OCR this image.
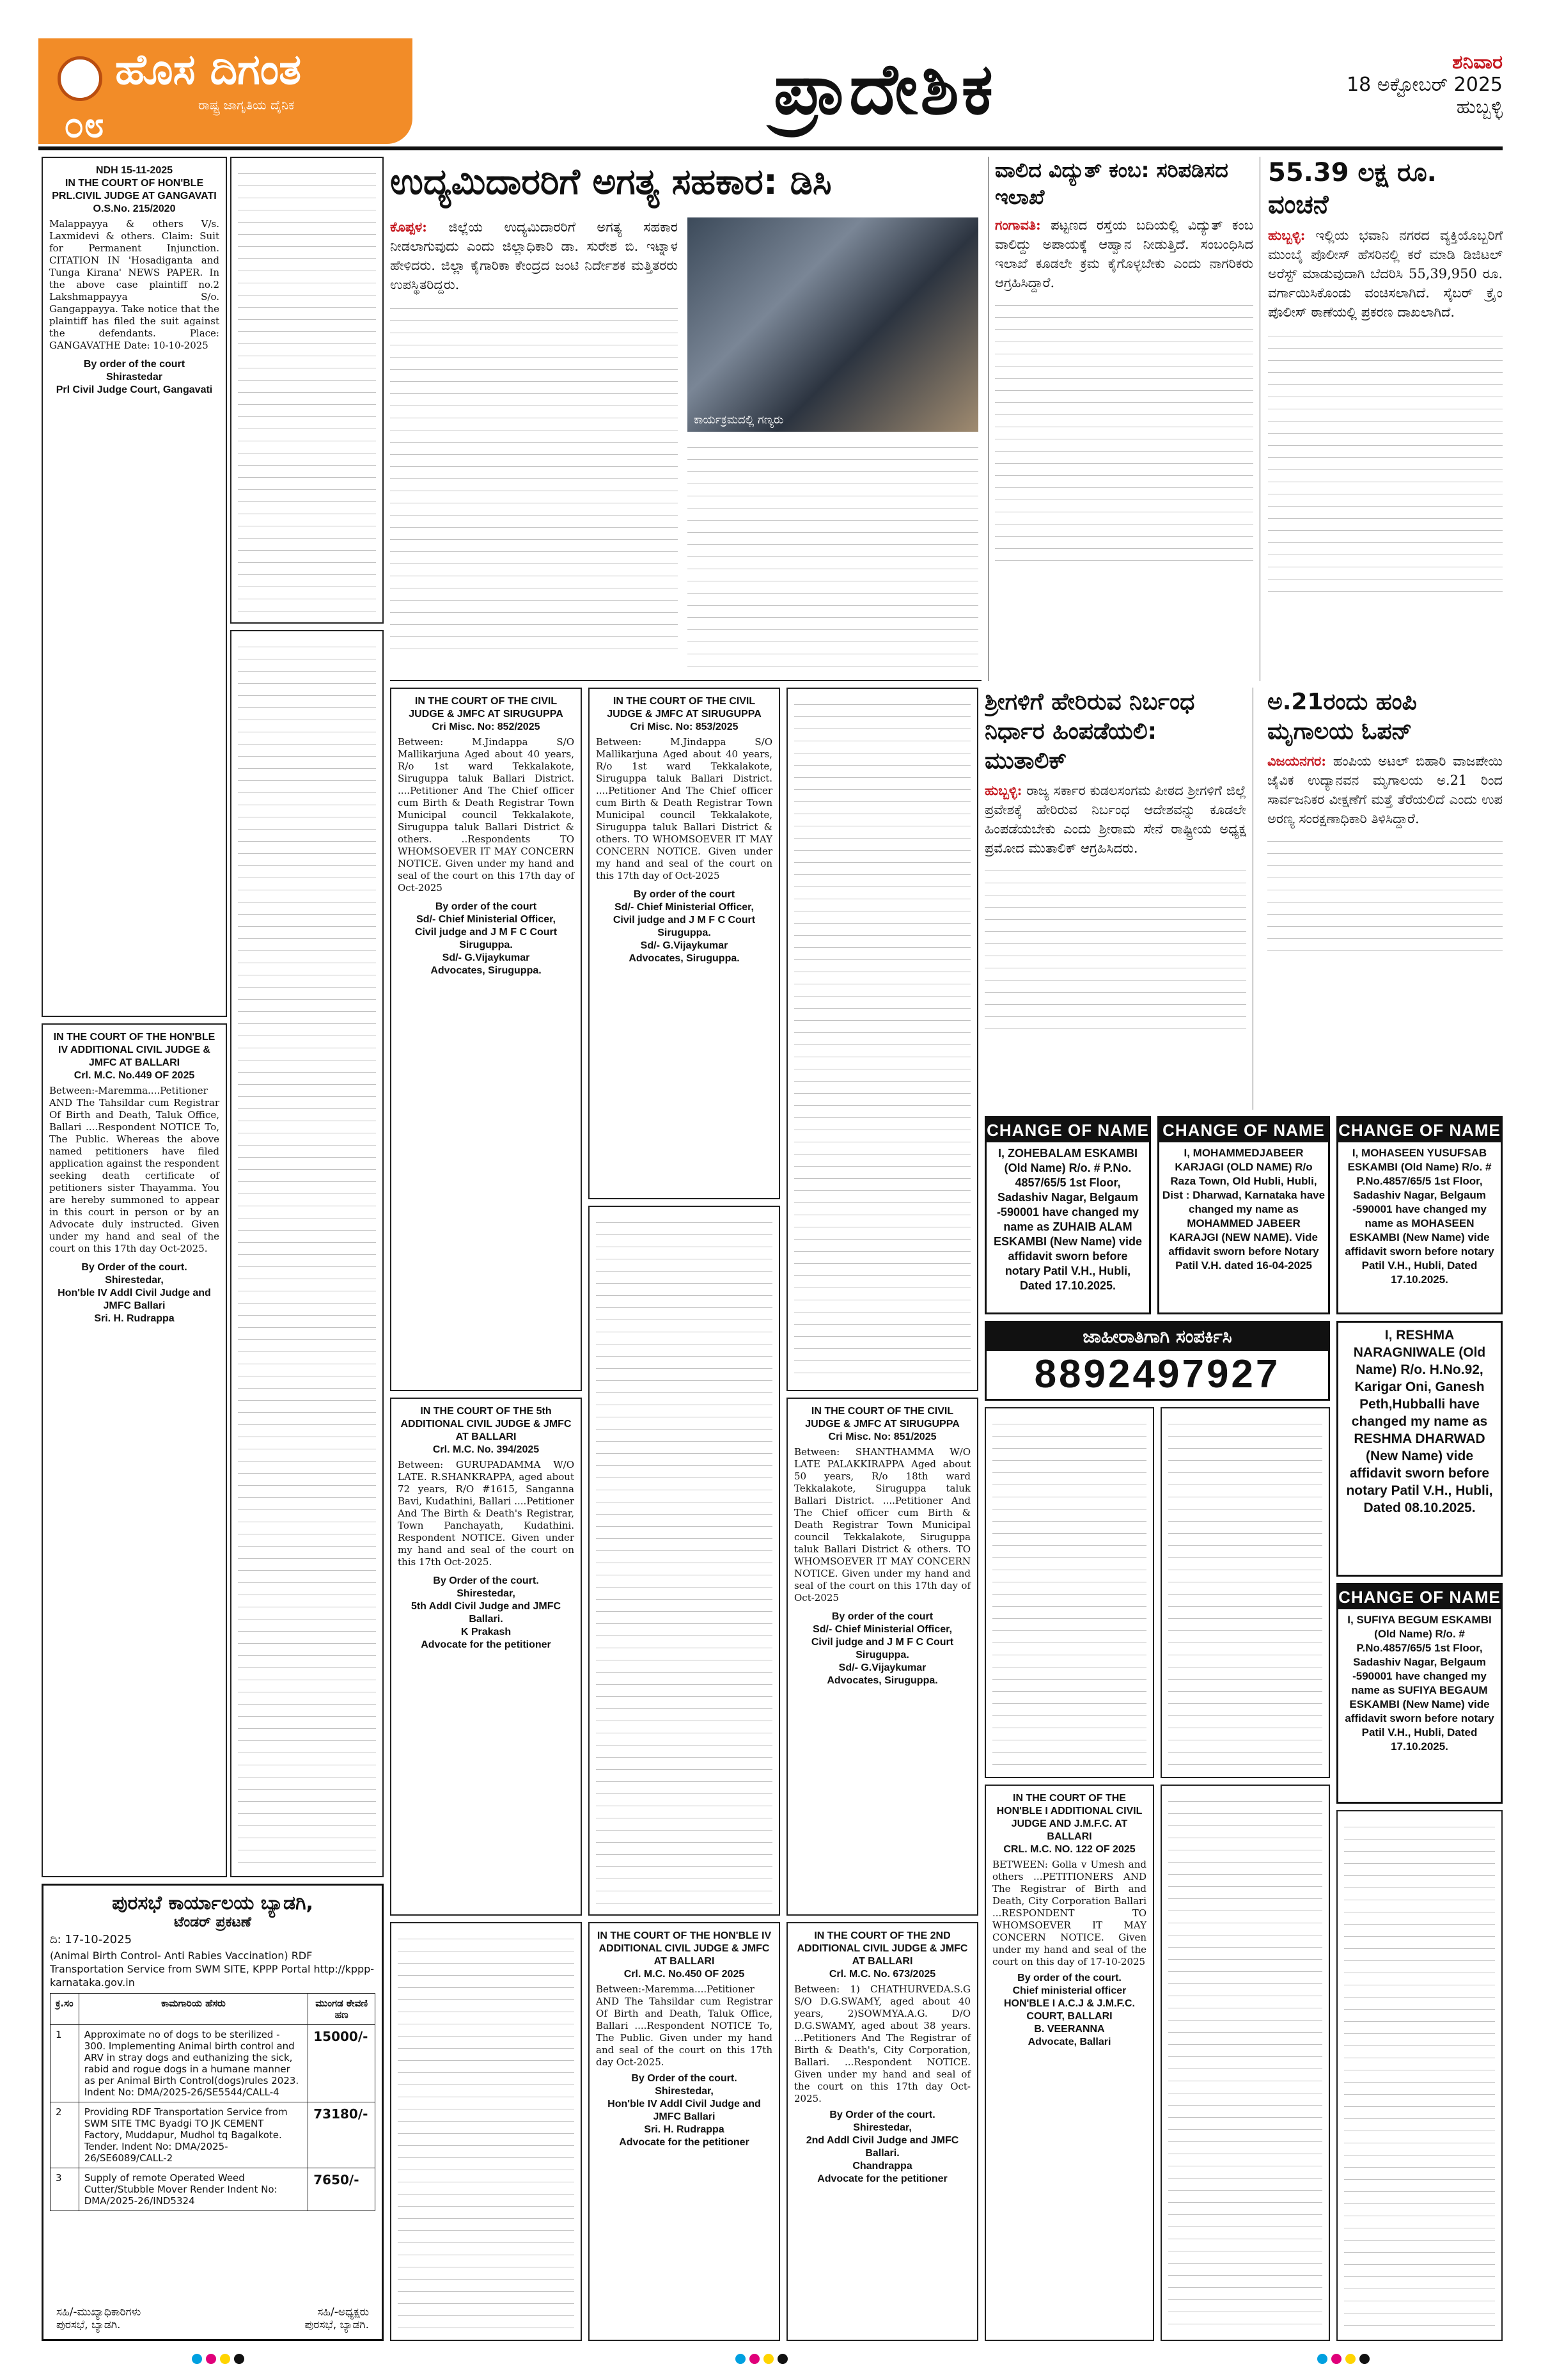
ಹೊಸ ದಿಗಂತ
ರಾಷ್ಟ್ರ ಜಾಗೃತಿಯ ದೈನಿಕ
೦೮	ಪ್ರಾದೇಶಿಕ	ಶನಿವಾರ
18 ಅಕ್ಟೋಬರ್ 2025
ಹುಬ್ಬಳ್ಳಿ

NDH 15-11-2025
IN THE COURT OF HON'BLE PRL.CIVIL JUDGE AT GANGAVATI
O.S.No. 215/2020

Malappayya & others V/s. Laxmidevi & others. Claim: Suit for Permanent Injunction. CITATION IN 'Hosadiganta and Tunga Kirana' NEWS PAPER. In the above case plaintiff no.2 Lakshmappayya S/o. Gangappayya. Take notice that the plaintiff has filed the suit against the defendants. Place: GANGAVATHE Date: 10-10-2025

By order of the court
Shirastedar
Prl Civil Judge Court, Gangavati

IN THE COURT OF THE HON'BLE IV ADDITIONAL CIVIL JUDGE & JMFC AT BALLARI
Crl. M.C. No.449 OF 2025

Between:-Maremma....Petitioner AND The Tahsildar cum Registrar Of Birth and Death, Taluk Office, Ballari ....Respondent NOTICE To, The Public. Whereas the above named petitioners have filed application against the respondent seeking death certificate of petitioners sister Thayamma. You are hereby summoned to appear in this court in person or by an Advocate duly instructed. Given under my hand and seal of the court on this 17th day Oct-2025.

By Order of the court.
Shirestedar,
Hon'ble IV Addl Civil Judge and JMFC Ballari
Sri. H. Rudrappa

ಉದ್ಯಮಿದಾರರಿಗೆ ಅಗತ್ಯ ಸಹಕಾರ: ಡಿಸಿ

ಕೊಪ್ಪಳ: ಜಿಲ್ಲೆಯ ಉದ್ಯಮಿದಾರರಿಗೆ ಅಗತ್ಯ ಸಹಕಾರ ನೀಡಲಾಗುವುದು ಎಂದು ಜಿಲ್ಲಾಧಿಕಾರಿ ಡಾ. ಸುರೇಶ ಬಿ. ಇಟ್ನಾಳ ಹೇಳಿದರು. ಜಿಲ್ಲಾ ಕೈಗಾರಿಕಾ ಕೇಂದ್ರದ ಜಂಟಿ ನಿರ್ದೇಶಕ ಮತ್ತಿತರರು ಉಪಸ್ಥಿತರಿದ್ದರು.

ಕಾರ್ಯಕ್ರಮದಲ್ಲಿ ಗಣ್ಯರು
55.39 ಲಕ್ಷ ರೂ. ವಂಚನೆ

ಹುಬ್ಬಳ್ಳಿ: ಇಲ್ಲಿಯ ಭವಾನಿ ನಗರದ ವ್ಯಕ್ತಿಯೊಬ್ಬರಿಗೆ ಮುಂಬೈ ಪೊಲೀಸ್ ಹೆಸರಿನಲ್ಲಿ ಕರೆ ಮಾಡಿ ಡಿಜಿಟಲ್ ಅರೆಸ್ಟ್ ಮಾಡುವುದಾಗಿ ಬೆದರಿಸಿ 55,39,950 ರೂ. ವರ್ಗಾಯಿಸಿಕೊಂಡು ವಂಚಿಸಲಾಗಿದೆ. ಸೈಬರ್ ಕ್ರೈಂ ಪೊಲೀಸ್ ಠಾಣೆಯಲ್ಲಿ ಪ್ರಕರಣ ದಾಖಲಾಗಿದೆ.

IN THE COURT OF THE CIVIL JUDGE & JMFC AT SIRUGUPPA
Cri Misc. No: 852/2025

Between: M.Jindappa S/O Mallikarjuna Aged about 40 years, R/o 1st ward Tekkalakote, Siruguppa taluk Ballari District. ....Petitioner And The Chief officer cum Birth & Death Registrar Town Municipal council Tekkalakote, Siruguppa taluk Ballari District & others. ..Respondents TO WHOMSOEVER IT MAY CONCERN NOTICE. Given under my hand and seal of the court on this 17th day of Oct-2025

By order of the court
Sd/- Chief Ministerial Officer,
Civil judge and J M F C Court Siruguppa.
Sd/- G.Vijaykumar
Advocates, Siruguppa.

IN THE COURT OF THE CIVIL JUDGE & JMFC AT SIRUGUPPA
Cri Misc. No: 853/2025

Between: M.Jindappa S/O Mallikarjuna Aged about 40 years, R/o 1st ward Tekkalakote, Siruguppa taluk Ballari District. ....Petitioner And The Chief officer cum Birth & Death Registrar Town Municipal council Tekkalakote, Siruguppa taluk Ballari District & others. TO WHOMSOEVER IT MAY CONCERN NOTICE. Given under my hand and seal of the court on this 17th day of Oct-2025

By order of the court
Sd/- Chief Ministerial Officer,
Civil judge and J M F C Court Siruguppa.
Sd/- G.Vijaykumar
Advocates, Siruguppa.

IN THE COURT OF THE 5th ADDITIONAL CIVIL JUDGE & JMFC AT BALLARI
Crl. M.C. No. 394/2025

Between: GURUPADAMMA W/O LATE. R.SHANKRAPPA, aged about 72 years, R/O #1615, Sanganna Bavi, Kudathini, Ballari ....Petitioner And The Birth & Death's Registrar, Town Panchayath, Kudathini. Respondent NOTICE. Given under my hand and seal of the court on this 17th Oct-2025.

By Order of the court.
Shirestedar,
5th Addl Civil Judge and JMFC Ballari.
K Prakash
Advocate for the petitioner

IN THE COURT OF THE CIVIL JUDGE & JMFC AT SIRUGUPPA
Cri Misc. No: 851/2025

Between: SHANTHAMMA W/O LATE PALAKKIRAPPA Aged about 50 years, R/o 18th ward Tekkalakote, Siruguppa taluk Ballari District. ....Petitioner And The Chief officer cum Birth & Death Registrar Town Municipal council Tekkalakote, Siruguppa taluk Ballari District & others. TO WHOMSOEVER IT MAY CONCERN NOTICE. Given under my hand and seal of the court on this 17th day of Oct-2025

By order of the court
Sd/- Chief Ministerial Officer,
Civil judge and J M F C Court Siruguppa.
Sd/- G.Vijaykumar
Advocates, Siruguppa.

IN THE COURT OF THE HON'BLE IV ADDITIONAL CIVIL JUDGE & JMFC AT BALLARI
Crl. M.C. No.450 OF 2025

Between:-Maremma....Petitioner AND The Tahsildar cum Registrar Of Birth and Death, Taluk Office, Ballari ....Respondent NOTICE To, The Public. Given under my hand and seal of the court on this 17th day Oct-2025.

By Order of the court.
Shirestedar,
Hon'ble IV Addl Civil Judge and JMFC Ballari
Sri. H. Rudrappa
Advocate for the petitioner

IN THE COURT OF THE 2ND ADDITIONAL CIVIL JUDGE & JMFC AT BALLARI
Crl. M.C. No. 673/2025

Between: 1) CHATHURVEDA.S.G S/O D.G.SWAMY, aged about 40 years, 2)SOWMYA.A.G. D/O D.G.SWAMY, aged about 38 years. ...Petitioners And The Registrar of Birth & Death's, City Corporation, Ballari. ...Respondent NOTICE. Given under my hand and seal of the court on this 17th day Oct-2025.

By Order of the court.
Shirestedar,
2nd Addl Civil Judge and JMFC Ballari.
Chandrappa
Advocate for the petitioner

ಪುರಸಭೆ ಕಾರ್ಯಾಲಯ ಬ್ಯಾಡಗಿ,
ಟೆಂಡರ್ ಪ್ರಕಟಣೆ
ದಿ: 17-10-2025
(Animal Birth Control- Anti Rabies Vaccination) RDF Transportation Service from SWM SITE, KPPP Portal http://kppp-karnataka.gov.in
ಕ್ರ.ಸಂ	ಕಾಮಗಾರಿಯ ಹೆಸರು	ಮುಂಗಡ ಠೇವಣಿ ಹಣ
1	Approximate no of dogs to be sterilized - 300. Implementing Animal birth control and ARV in stray dogs and euthanizing the sick, rabid and rogue dogs in a humane manner as per Animal Birth Control(dogs)rules 2023. Indent No: DMA/2025-26/SE5544/CALL-4	15000/-
2	Providing RDF Transportation Service from SWM SITE TMC Byadgi TO JK CEMENT Factory, Muddapur, Mudhol tq Bagalkote. Tender. Indent No: DMA/2025-26/SE6089/CALL-2	73180/-
3	Supply of remote Operated Weed Cutter/Stubble Mover Render Indent No: DMA/2025-26/IND5324	7650/-
ಸಹಿ/-ಮುಖ್ಯಾಧಿಕಾರಿಗಳು
ಪುರಸಭೆ, ಬ್ಯಾಡಗಿ.
ಸಹಿ/-ಅಧ್ಯಕ್ಷರು
ಪುರಸಭೆ, ಬ್ಯಾಡಗಿ.
ಶ್ರೀಗಳಿಗೆ ಹೇರಿರುವ ನಿರ್ಬಂಧ ನಿರ್ಧಾರ ಹಿಂಪಡೆಯಲಿ: ಮುತಾಲಿಕ್

ಹುಬ್ಬಳ್ಳಿ: ರಾಜ್ಯ ಸರ್ಕಾರ ಕುಡಲಸಂಗಮ ಪೀಠದ ಶ್ರೀಗಳಿಗೆ ಜಿಲ್ಲೆ ಪ್ರವೇಶಕ್ಕೆ ಹೇರಿರುವ ನಿರ್ಬಂಧ ಆದೇಶವನ್ನು ಕೂಡಲೇ ಹಿಂಪಡೆಯಬೇಕು ಎಂದು ಶ್ರೀರಾಮ ಸೇನೆ ರಾಷ್ಟ್ರೀಯ ಅಧ್ಯಕ್ಷ ಪ್ರಮೋದ ಮುತಾಲಿಕ್ ಆಗ್ರಹಿಸಿದರು.

ಅ.21ರಂದು ಹಂಪಿ ಮೃಗಾಲಯ ಓಪನ್

ವಿಜಯನಗರ: ಹಂಪಿಯ ಅಟಲ್ ಬಿಹಾರಿ ವಾಜಪೇಯಿ ಜೈವಿಕ ಉದ್ಯಾನವನ ಮೃಗಾಲಯ ಅ.21 ರಿಂದ ಸಾರ್ವಜನಿಕರ ವೀಕ್ಷಣೆಗೆ ಮತ್ತೆ ತೆರೆಯಲಿದೆ ಎಂದು ಉಪ ಅರಣ್ಯ ಸಂರಕ್ಷಣಾಧಿಕಾರಿ ತಿಳಿಸಿದ್ದಾರೆ.

CHANGE OF NAME
I, ZOHEBALAM ESKAMBI (Old Name) R/o. # P.No. 4857/65/5 1st Floor, Sadashiv Nagar, Belgaum -590001 have changed my name as ZUHAIB ALAM ESKAMBI (New Name) vide affidavit sworn before notary Patil V.H., Hubli, Dated 17.10.2025.
CHANGE OF NAME
I, MOHAMMEDJABEER KARJAGI (OLD NAME) R/o Raza Town, Old Hubli, Hubli, Dist : Dharwad, Karnataka have changed my name as MOHAMMED JABEER KARAJGI (NEW NAME). Vide affidavit sworn before Notary Patil V.H. dated 16-04-2025
CHANGE OF NAME
I, MOHASEEN YUSUFSAB ESKAMBI (Old Name) R/o. # P.No.4857/65/5 1st Floor, Sadashiv Nagar, Belgaum -590001 have changed my name as MOHASEEN ESKAMBI (New Name) vide affidavit sworn before notary Patil V.H., Hubli, Dated 17.10.2025.
ಜಾಹೀರಾತಿಗಾಗಿ ಸಂಪರ್ಕಿಸಿ
8892497927
I, RESHMA NARAGNIWALE (Old Name) R/o. H.No.92, Karigar Oni, Ganesh Peth,Hubballi have changed my name as RESHMA DHARWAD (New Name) vide affidavit sworn before notary Patil V.H., Hubli, Dated 08.10.2025.
CHANGE OF NAME
I, SUFIYA BEGUM ESKAMBI (Old Name) R/o. # P.No.4857/65/5 1st Floor, Sadashiv Nagar, Belgaum -590001 have changed my name as SUFIYA BEGAUM ESKAMBI (New Name) vide affidavit sworn before notary Patil V.H., Hubli, Dated 17.10.2025.

IN THE COURT OF THE HON'BLE I ADDITIONAL CIVIL JUDGE AND J.M.F.C. AT BALLARI
CRL. M.C. NO. 122 OF 2025

BETWEEN: Golla v Umesh and others ...PETITIONERS AND The Registrar of Birth and Death, City Corporation Ballari ...RESPONDENT TO WHOMSOEVER IT MAY CONCERN NOTICE. Given under my hand and seal of the court on this day of 17-10-2025

By order of the court.
Chief ministerial officer
HON'BLE I A.C.J & J.M.F.C. COURT, BALLARI
B. VEERANNA
Advocate, Ballari

ವಾಲಿದ ವಿದ್ಯುತ್ ಕಂಬ: ಸರಿಪಡಿಸದ ಇಲಾಖೆ

ಗಂಗಾವತಿ: ಪಟ್ಟಣದ ರಸ್ತೆಯ ಬದಿಯಲ್ಲಿ ವಿದ್ಯುತ್ ಕಂಬ ವಾಲಿದ್ದು ಅಪಾಯಕ್ಕೆ ಆಹ್ವಾನ ನೀಡುತ್ತಿದೆ. ಸಂಬಂಧಿಸಿದ ಇಲಾಖೆ ಕೂಡಲೇ ಕ್ರಮ ಕೈಗೊಳ್ಳಬೇಕು ಎಂದು ನಾಗರಿಕರು ಆಗ್ರಹಿಸಿದ್ದಾರೆ.
